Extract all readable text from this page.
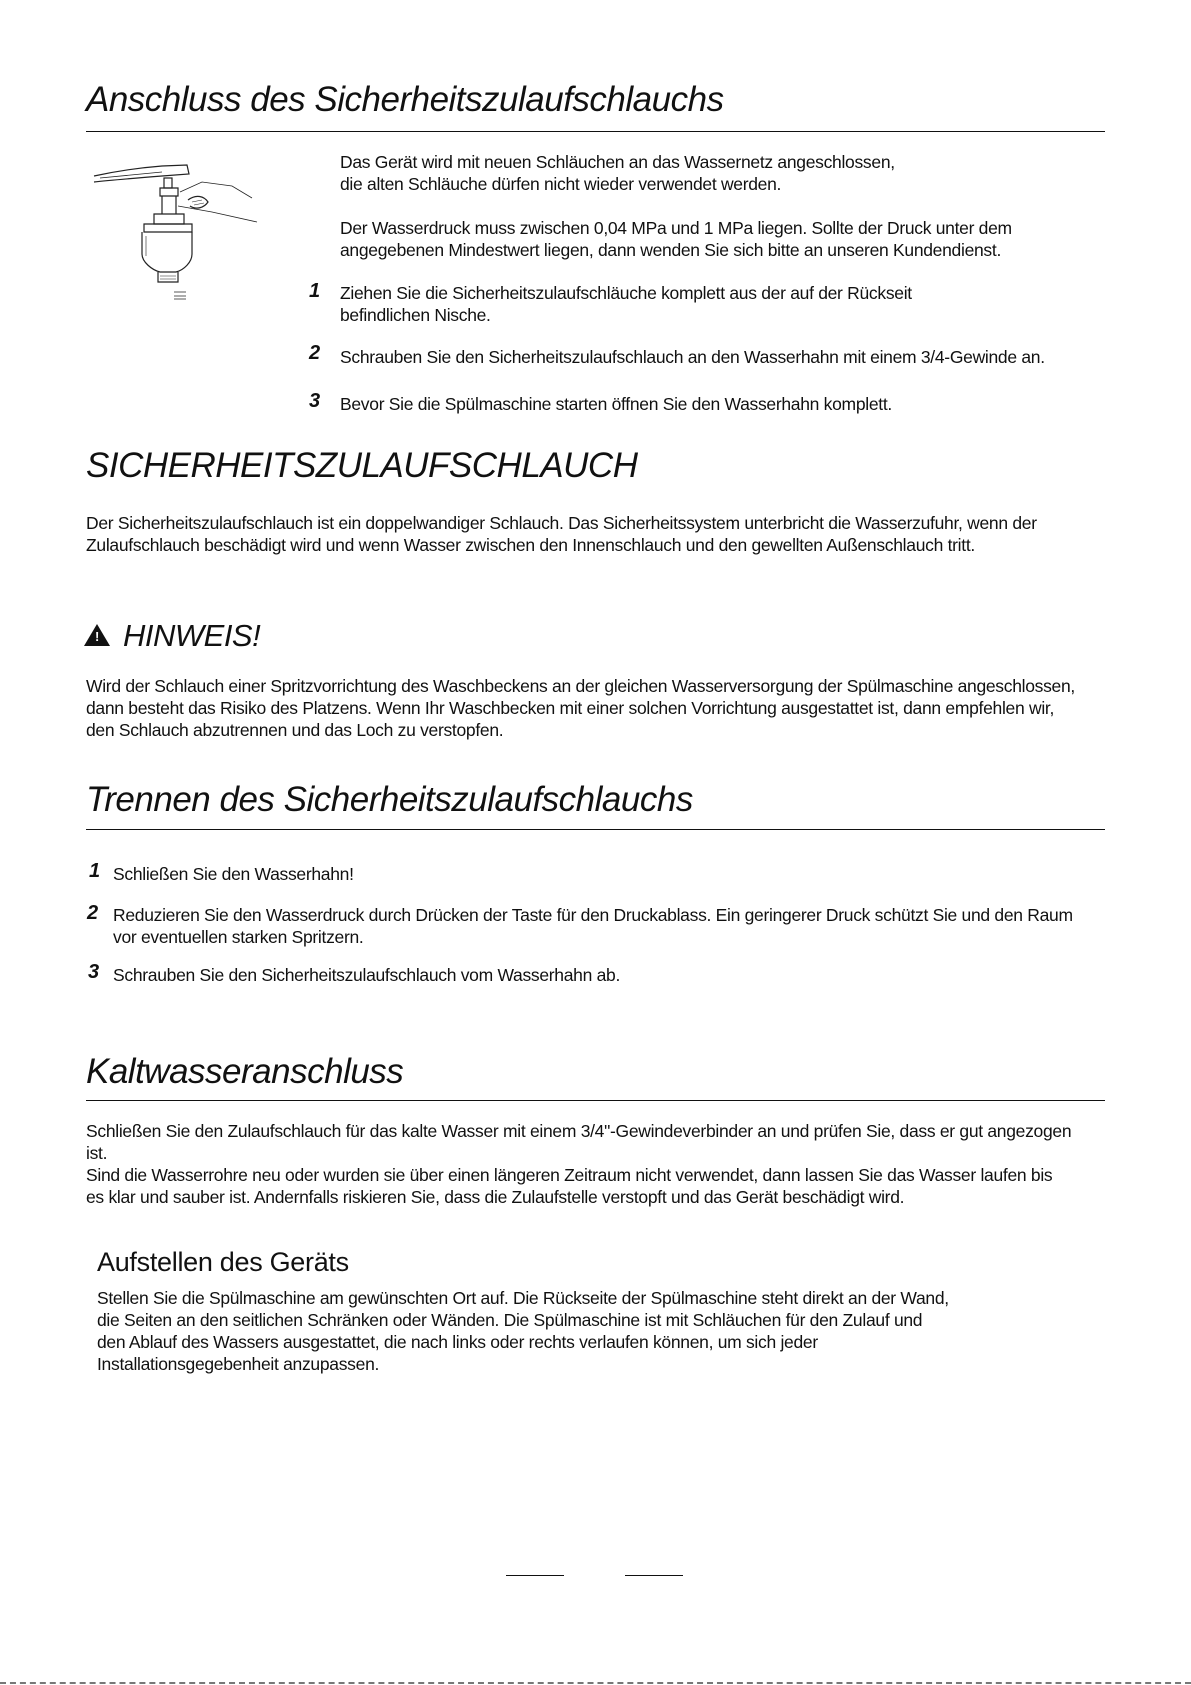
Anschluss des Sicherheitszulaufschlauchs
Das Gerät wird mit neuen Schläuchen an das Wassernetz angeschlossen,
die alten Schläuche dürfen nicht wieder verwendet werden.
Der Wasserdruck muss zwischen 0,04 MPa und 1 MPa liegen. Sollte der Druck unter dem
angegebenen Mindestwert liegen, dann wenden Sie sich bitte an unseren Kundendienst.
1 Ziehen Sie die Sicherheitszulaufschläuche komplett aus der auf der Rückseit
befindlichen Nische.
2 Schrauben Sie den Sicherheitszulaufschlauch an den Wasserhahn mit einem 3/4-Gewinde an.
3 Bevor Sie die Spülmaschine starten öffnen Sie den Wasserhahn komplett.
SICHERHEITSZULAUFSCHLAUCH
Der Sicherheitszulaufschlauch ist ein doppelwandiger Schlauch. Das Sicherheitssystem unterbricht die Wasserzufuhr, wenn der
Zulaufschlauch beschädigt wird und wenn Wasser zwischen den Innenschlauch und den gewellten Außenschlauch tritt.
! HINWEIS!
Wird der Schlauch einer Spritzvorrichtung des Waschbeckens an der gleichen Wasserversorgung der Spülmaschine angeschlossen,
dann besteht das Risiko des Platzens. Wenn Ihr Waschbecken mit einer solchen Vorrichtung ausgestattet ist, dann empfehlen wir,
den Schlauch abzutrennen und das Loch zu verstopfen.
Trennen des Sicherheitszulaufschlauchs
1 Schließen Sie den Wasserhahn!
2 Reduzieren Sie den Wasserdruck durch Drücken der Taste für den Druckablass. Ein geringerer Druck schützt Sie und den Raum
vor eventuellen starken Spritzern.
3 Schrauben Sie den Sicherheitszulaufschlauch vom Wasserhahn ab.
Kaltwasseranschluss
Schließen Sie den Zulaufschlauch für das kalte Wasser mit einem 3/4"-Gewindeverbinder an und prüfen Sie, dass er gut angezogen
ist.
Sind die Wasserrohre neu oder wurden sie über einen längeren Zeitraum nicht verwendet, dann lassen Sie das Wasser laufen bis
es klar und sauber ist. Andernfalls riskieren Sie, dass die Zulaufstelle verstopft und das Gerät beschädigt wird.
Aufstellen des Geräts
Stellen Sie die Spülmaschine am gewünschten Ort auf. Die Rückseite der Spülmaschine steht direkt an der Wand,
die Seiten an den seitlichen Schränken oder Wänden. Die Spülmaschine ist mit Schläuchen für den Zulauf und
den Ablauf des Wassers ausgestattet, die nach links oder rechts verlaufen können, um sich jeder
Installationsgegebenheit anzupassen.
